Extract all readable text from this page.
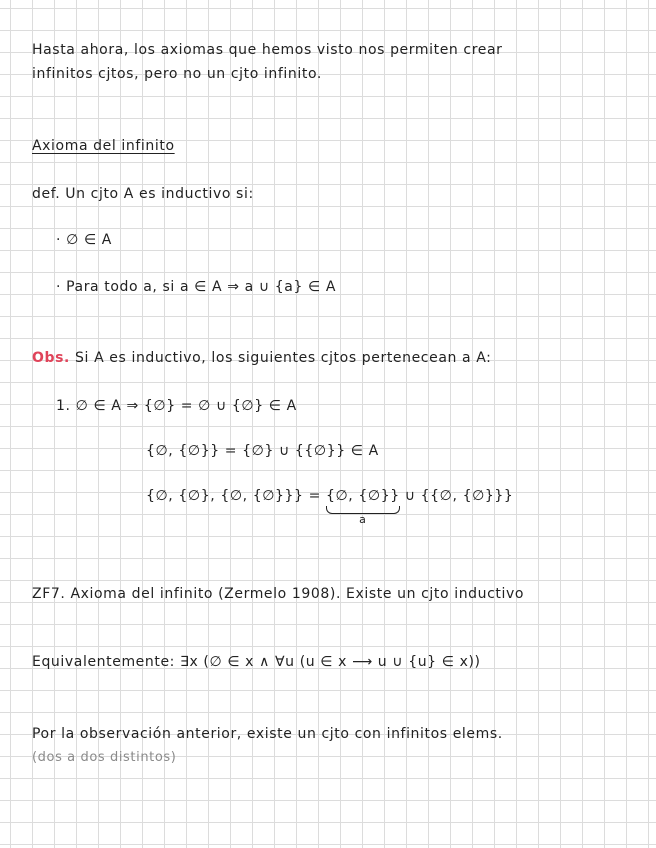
Hasta ahora, los axiomas que hemos visto nos permiten crear
infinitos cjtos, pero no un cjto infinito.
Axioma del infinito
def. Un cjto A es inductivo si:
· ∅ ∈ A
· Para todo a, si a ∈ A ⇒ a ∪ {a} ∈ A
Obs. Si A es inductivo, los siguientes cjtos pertenecean a A:
1. ∅ ∈ A ⇒ {∅} = ∅ ∪ {∅} ∈ A
{∅, {∅}} = {∅} ∪ {{∅}} ∈ A
{∅, {∅}, {∅, {∅}}} = {∅, {∅}}
a
∪ {{∅, {∅}}}
ZF7. Axioma del infinito (Zermelo 1908). Existe un cjto inductivo
Equivalentemente: ∃x (∅ ∈ x ∧ ∀u (u ∈ x ⟶ u ∪ {u} ∈ x))
Por la observación anterior, existe un cjto con infinitos elems.
(dos a dos distintos)
